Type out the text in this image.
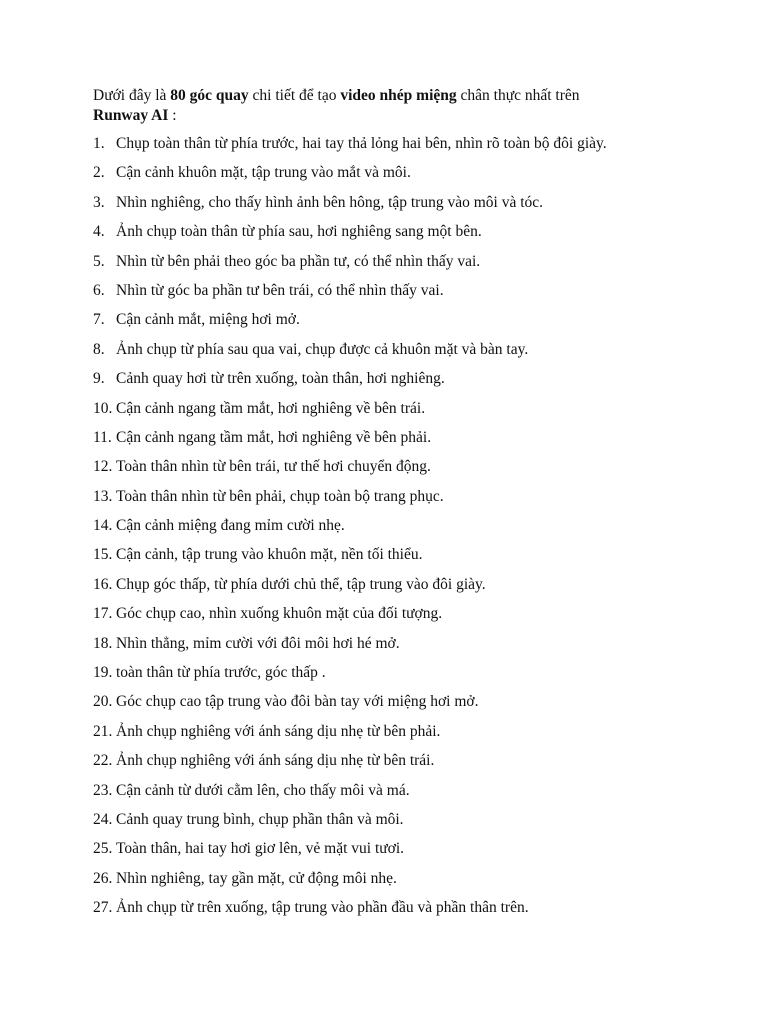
Dưới đây là 80 góc quay chi tiết để tạo video nhép miệng chân thực nhất trên
Runway AI :

1. Chụp toàn thân từ phía trước, hai tay thả lỏng hai bên, nhìn rõ toàn bộ đôi giày.
2. Cận cảnh khuôn mặt, tập trung vào mắt và môi.
3. Nhìn nghiêng, cho thấy hình ảnh bên hông, tập trung vào môi và tóc.
4. Ảnh chụp toàn thân từ phía sau, hơi nghiêng sang một bên.
5. Nhìn từ bên phải theo góc ba phần tư, có thể nhìn thấy vai.
6. Nhìn từ góc ba phần tư bên trái, có thể nhìn thấy vai.
7. Cận cảnh mắt, miệng hơi mở.
8. Ảnh chụp từ phía sau qua vai, chụp được cả khuôn mặt và bàn tay.
9. Cảnh quay hơi từ trên xuống, toàn thân, hơi nghiêng.
10. Cận cảnh ngang tầm mắt, hơi nghiêng về bên trái.
11. Cận cảnh ngang tầm mắt, hơi nghiêng về bên phải.
12. Toàn thân nhìn từ bên trái, tư thế hơi chuyển động.
13. Toàn thân nhìn từ bên phải, chụp toàn bộ trang phục.
14. Cận cảnh miệng đang mỉm cười nhẹ.
15. Cận cảnh, tập trung vào khuôn mặt, nền tối thiểu.
16. Chụp góc thấp, từ phía dưới chủ thể, tập trung vào đôi giày.
17. Góc chụp cao, nhìn xuống khuôn mặt của đối tượng.
18. Nhìn thẳng, mỉm cười với đôi môi hơi hé mở.
19. toàn thân từ phía trước, góc thấp .
20. Góc chụp cao tập trung vào đôi bàn tay với miệng hơi mở.
21. Ảnh chụp nghiêng với ánh sáng dịu nhẹ từ bên phải.
22. Ảnh chụp nghiêng với ánh sáng dịu nhẹ từ bên trái.
23. Cận cảnh từ dưới cằm lên, cho thấy môi và má.
24. Cảnh quay trung bình, chụp phần thân và môi.
25. Toàn thân, hai tay hơi giơ lên, vẻ mặt vui tươi.
26. Nhìn nghiêng, tay gần mặt, cử động môi nhẹ.
27. Ảnh chụp từ trên xuống, tập trung vào phần đầu và phần thân trên.
